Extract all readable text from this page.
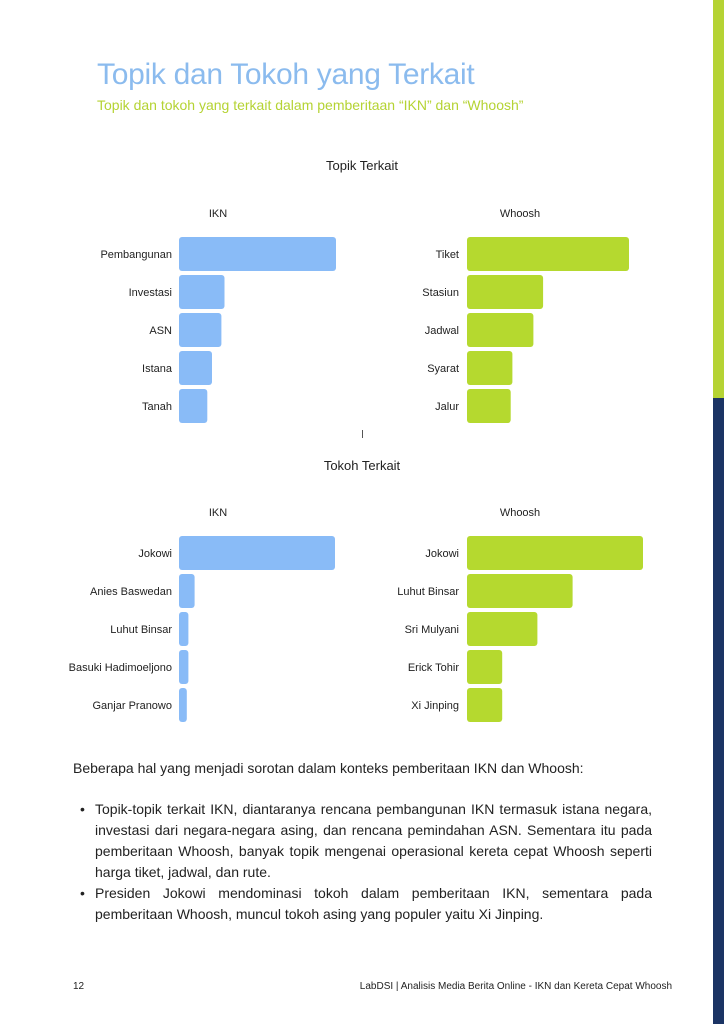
Topik dan Tokoh yang Terkait
Topik dan tokoh yang terkait dalam pemberitaan “IKN” dan “Whoosh”
Topik Terkait
Tokoh Terkait
IKN	Whoosh
IKN	Whoosh
Pembangunan
Investasi
ASN
Istana
Tanah
Tiket
Stasiun
Jadwal
Syarat
Jalur
Jokowi
Anies Baswedan
Luhut Binsar
Basuki Hadimoeljono
Ganjar Pranowo
Jokowi
Luhut Binsar
Sri Mulyani
Erick Tohir
Xi Jinping
Beberapa hal yang menjadi sorotan dalam konteks pemberitaan IKN dan Whoosh:
• Topik-topik terkait IKN, diantaranya rencana pembangunan IKN termasuk istana negara, investasi dari negara-negara asing, dan rencana pemindahan ASN. Sementara itu pada pemberitaan Whoosh, banyak topik mengenai operasional kereta cepat Whoosh seperti harga tiket, jadwal, dan rute.
• Presiden Jokowi mendominasi tokoh dalam pemberitaan IKN, sementara pada pemberitaan Whoosh, muncul tokoh asing yang populer yaitu Xi Jinping.
12	LabDSI | Analisis Media Berita Online - IKN dan Kereta Cepat Whoosh
